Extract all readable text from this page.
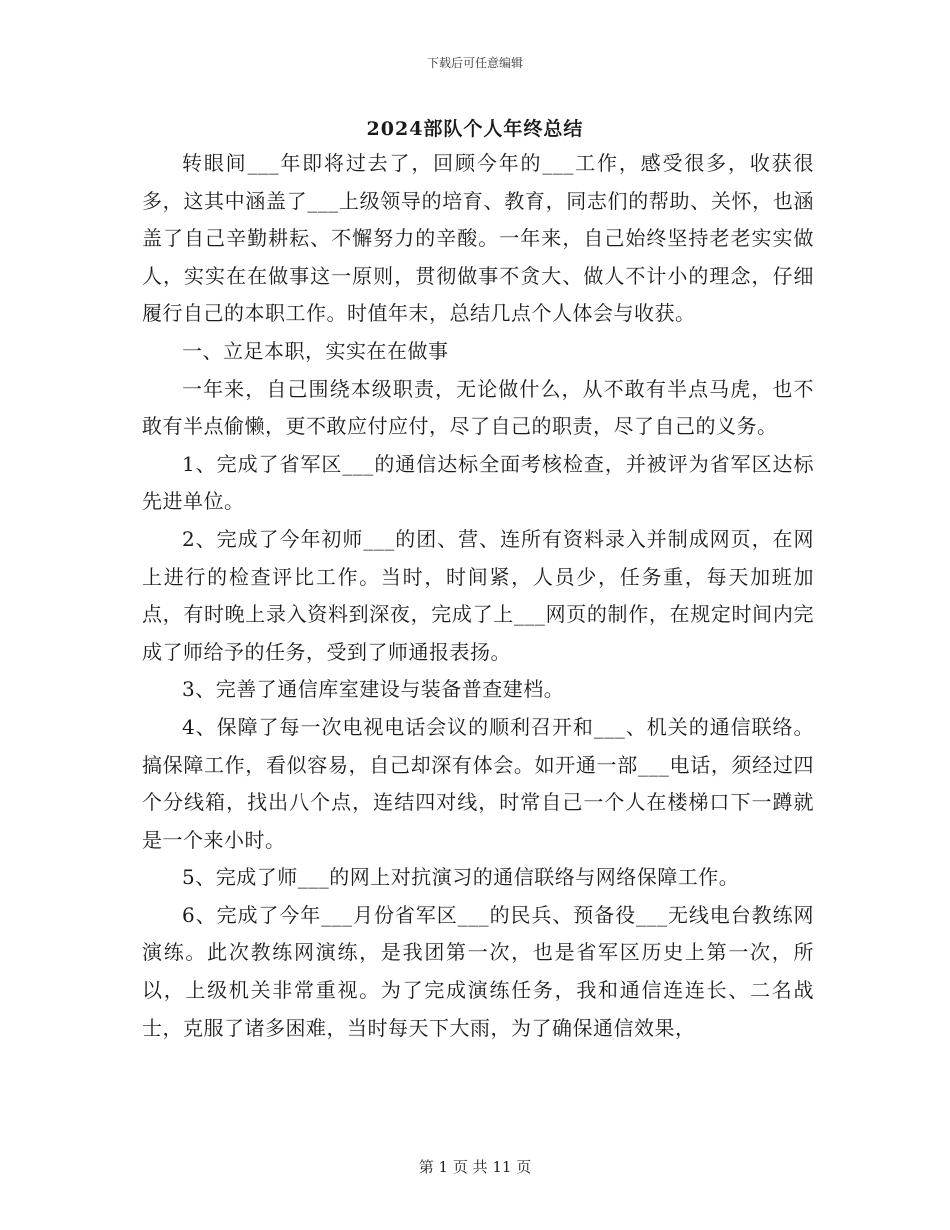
下载后可任意编辑
2024部队个人年终总结

转眼间___年即将过去了，回顾今年的___工作，感受很多，收获很多，这其中涵盖了___上级领导的培育、教育，同志们的帮助、关怀，也涵盖了自己辛勤耕耘、不懈努力的辛酸。一年来，自己始终坚持老老实实做人，实实在在做事这一原则，贯彻做事不贪大、做人不计小的理念，仔细履行自己的本职工作。时值年末，总结几点个人体会与收获。

一、立足本职，实实在在做事

一年来，自己围绕本级职责，无论做什么，从不敢有半点马虎，也不敢有半点偷懒，更不敢应付应付，尽了自己的职责，尽了自己的义务。

1、完成了省军区___的通信达标全面考核检查，并被评为省军区达标先进单位。

2、完成了今年初师___的团、营、连所有资料录入并制成网页，在网上进行的检查评比工作。当时，时间紧，人员少，任务重，每天加班加点，有时晚上录入资料到深夜，完成了上___网页的制作，在规定时间内完成了师给予的任务，受到了师通报表扬。

3、完善了通信库室建设与装备普查建档。

4、保障了每一次电视电话会议的顺利召开和___、机关的通信联络。搞保障工作，看似容易，自己却深有体会。如开通一部___电话，须经过四个分线箱，找出八个点，连结四对线，时常自己一个人在楼梯口下一蹲就是一个来小时。

5、完成了师___的网上对抗演习的通信联络与网络保障工作。

6、完成了今年___月份省军区___的民兵、预备役___无线电台教练网演练。此次教练网演练，是我团第一次，也是省军区历史上第一次，所以，上级机关非常重视。为了完成演练任务，我和通信连连长、二名战士，克服了诸多困难，当时每天下大雨，为了确保通信效果，

第 1 页 共 11 页
